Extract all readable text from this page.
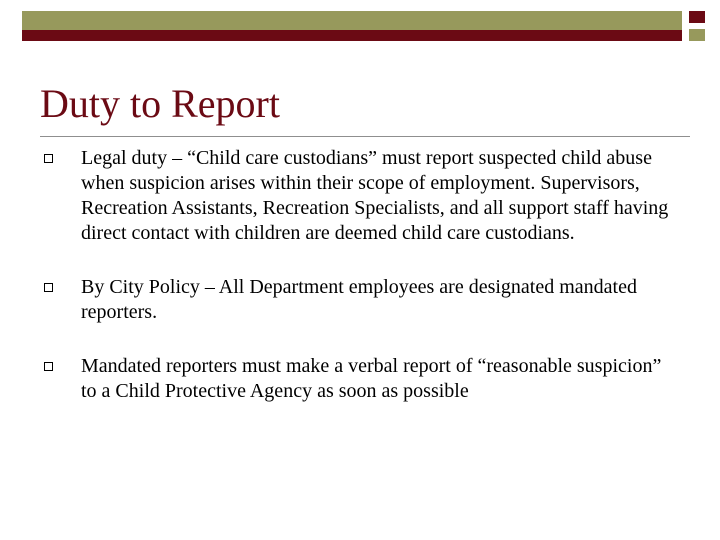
Duty to Report
Legal duty – “Child care custodians” must report suspected child abuse when suspicion arises within their scope of employment. Supervisors, Recreation Assistants, Recreation Specialists, and all support staff having direct contact with children are deemed child care custodians.
By City Policy – All Department employees are designated mandated reporters.
Mandated reporters must make a verbal report of “reasonable suspicion” to a Child Protective Agency as soon as possible
